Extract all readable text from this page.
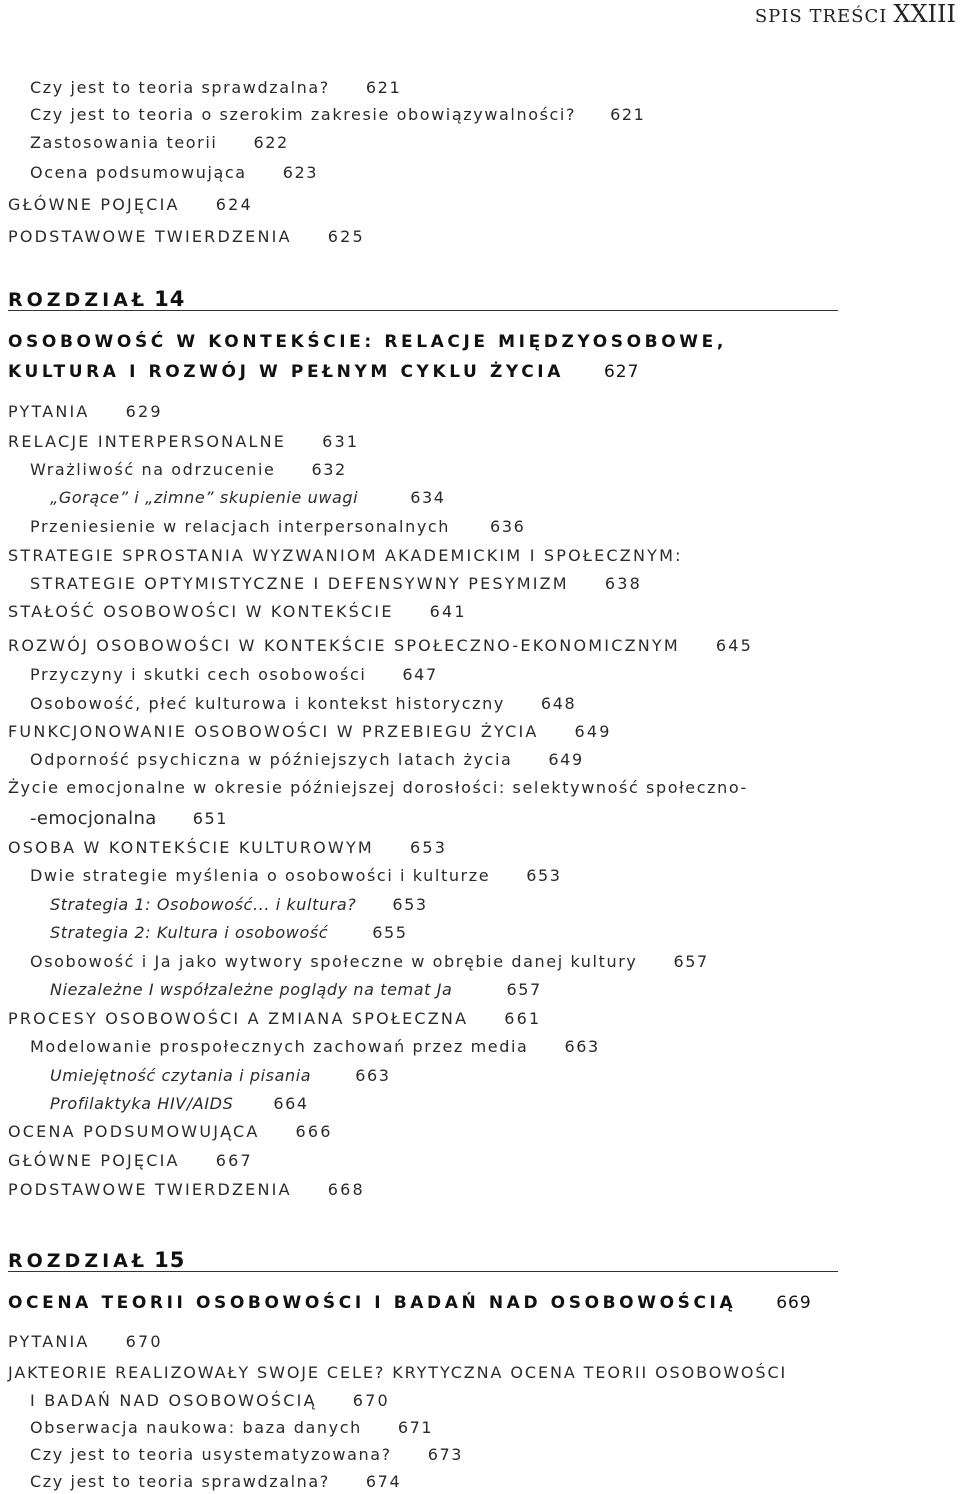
SPIS TREŚCI XXIII
Czy jest to teoria sprawdzalna? 621
Czy jest to teoria o szerokim zakresie obowiązywalności? 621
Zastosowania teorii 622
Ocena podsumowująca 623
GŁÓWNE POJĘCIA 624
PODSTAWOWE TWIERDZENIA 625
ROZDZIAŁ 14
OSOBOWOŚĆ W KONTEKŚCIE: RELACJE MIĘDZYOSOBOWE,
KULTURA I ROZWÓJ W PEŁNYM CYKLU ŻYCIA 627
PYTANIA 629
RELACJE INTERPERSONALNE 631
Wrażliwość na odrzucenie 632
„Gorące” i „zimne” skupienie uwagi	634
Przeniesienie w relacjach interpersonalnych	636
STRATEGIE SPROSTANIA WYZWANIOM AKADEMICKIM I SPOŁECZNYM:
STRATEGIE OPTYMISTYCZNE I DEFENSYWNY PESYMIZM 638
STAŁOŚĆ OSOBOWOŚCI W KONTEKŚCIE 641
ROZWÓJ OSOBOWOŚCI W KONTEKŚCIE SPOŁECZNO-EKONOMICZNYM 645
Przyczyny i skutki cech osobowości 647
Osobowość, płeć kulturowa i kontekst historyczny 648
FUNKCJONOWANIE OSOBOWOŚCI W PRZEBIEGU ŻYCIA 649
Odporność psychiczna w późniejszych latach życia 649
Życie emocjonalne w okresie późniejszej dorosłości: selektywność społeczno-
-emocjonalna 651
OSOBA W KONTEKŚCIE KULTUROWYM 653
Dwie strategie myślenia o osobowości i kulturze 653
Strategia 1: Osobowość... i kultura? 653
Strategia 2: Kultura i osobowość	655
Osobowość i Ja jako wytwory społeczne w obrębie danej kultury 657
Niezależne I współzależne poglądy na temat Ja	657
PROCESY OSOBOWOŚCI A ZMIANA SPOŁECZNA 661
Modelowanie prospołecznych zachowań przez media 663
Umiejętność czytania i pisania	663
Profilaktyka HIV/AIDS	664
OCENA PODSUMOWUJĄCA 666
GŁÓWNE POJĘCIA 667
PODSTAWOWE TWIERDZENIA 668
ROZDZIAŁ 15
OCENA TEORII OSOBOWOŚCI I BADAŃ NAD OSOBOWOŚCIĄ 669
PYTANIA 670
JAKTEORIE REALIZOWAŁY SWOJE CELE? KRYTYCZNA OCENA TEORII OSOBOWOŚCI
I BADAŃ NAD OSOBOWOŚCIĄ 670
Obserwacja naukowa: baza danych 671
Czy jest to teoria usystematyzowana? 673
Czy jest to teoria sprawdzalna? 674
